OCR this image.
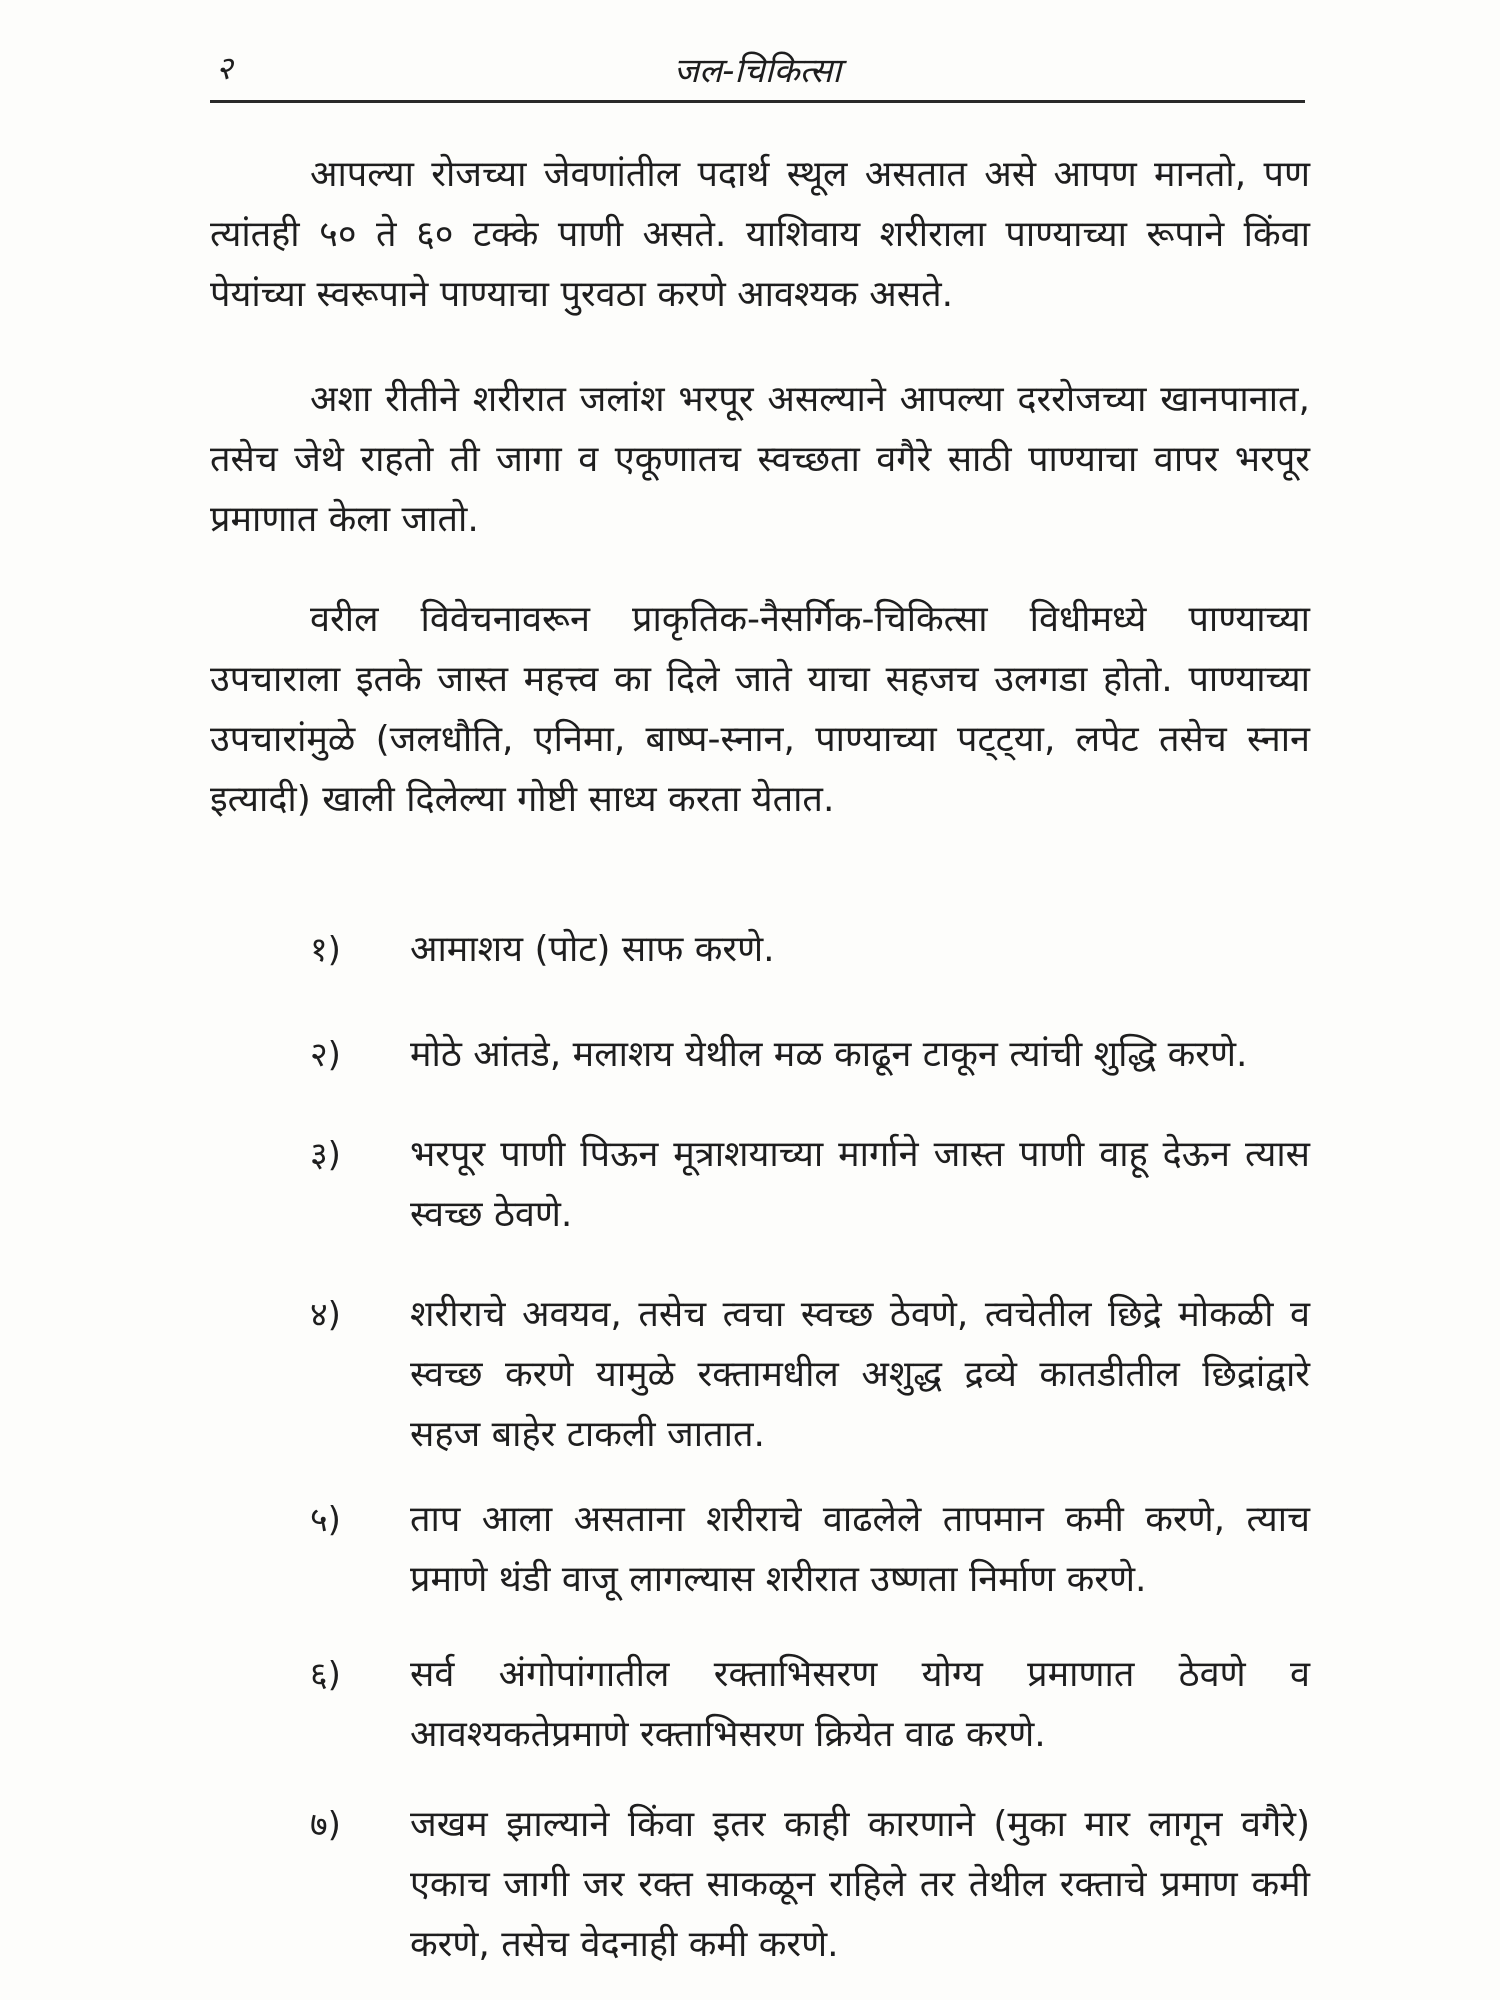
२	जल-चिकित्सा

आपल्या रोजच्या जेवणांतील पदार्थ स्थूल असतात असे आपण मानतो, पण त्यांतही ५० ते ६० टक्के पाणी असते. याशिवाय शरीराला पाण्याच्या रूपाने किंवा पेयांच्या स्वरूपाने पाण्याचा पुरवठा करणे आवश्यक असते.

अशा रीतीने शरीरात जलांश भरपूर असल्याने आपल्या दररोजच्या खानपानात, तसेच जेथे राहतो ती जागा व एकूणातच स्वच्छता वगैरे साठी पाण्याचा वापर भरपूर प्रमाणात केला जातो.

वरील विवेचनावरून प्राकृतिक-नैसर्गिक-चिकित्सा विधीमध्ये पाण्याच्या उपचाराला इतके जास्त महत्त्व का दिले जाते याचा सहजच उलगडा होतो. पाण्याच्या उपचारांमुळे (जलधौति, एनिमा, बाष्प-स्नान, पाण्याच्या पट्ट्या, लपेट तसेच स्नान इत्यादी) खाली दिलेल्या गोष्टी साध्य करता येतात.

१)	आमाशय (पोट) साफ करणे.

२)	मोठे आंतडे, मलाशय येथील मळ काढून टाकून त्यांची शुद्धि करणे.

३)	भरपूर पाणी पिऊन मूत्राशयाच्या मार्गाने जास्त पाणी वाहू देऊन त्यास स्वच्छ ठेवणे.

४)	शरीराचे अवयव, तसेच त्वचा स्वच्छ ठेवणे, त्वचेतील छिद्रे मोकळी व स्वच्छ करणे यामुळे रक्तामधील अशुद्ध द्रव्ये कातडीतील छिद्रांद्वारे सहज बाहेर टाकली जातात.

५)	ताप आला असताना शरीराचे वाढलेले तापमान कमी करणे, त्याच प्रमाणे थंडी वाजू लागल्यास शरीरात उष्णता निर्माण करणे.

६)	सर्व अंगोपांगातील रक्ताभिसरण योग्य प्रमाणात ठेवणे व आवश्यकतेप्रमाणे रक्ताभिसरण क्रियेत वाढ करणे.

७)	जखम झाल्याने किंवा इतर काही कारणाने (मुका मार लागून वगैरे) एकाच जागी जर रक्त साकळून राहिले तर तेथील रक्ताचे प्रमाण कमी करणे, तसेच वेदनाही कमी करणे.
